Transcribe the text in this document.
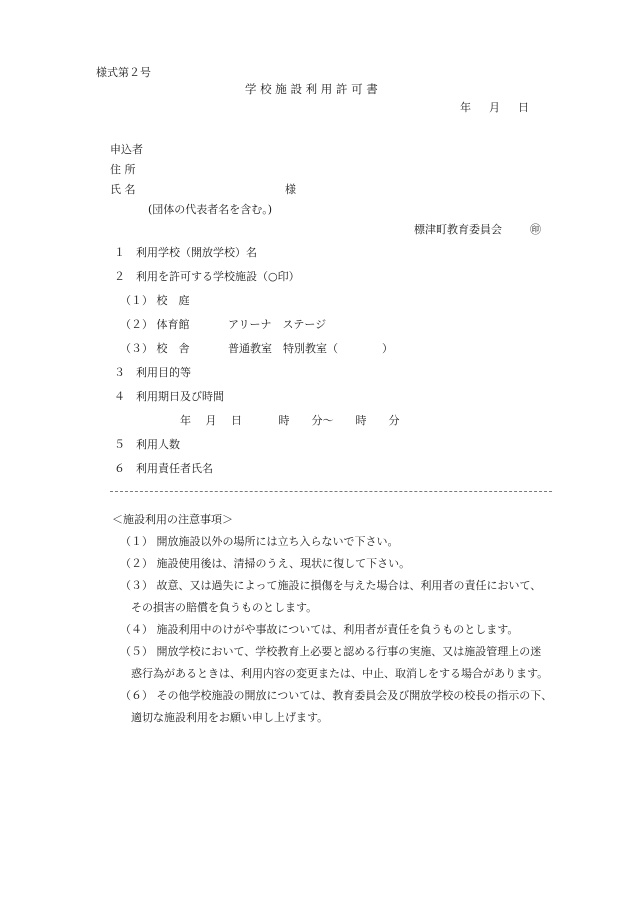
様式第２号
学 校 施 設 利 用 許 可 書
年 　 月 　 日
申込者
住 所
氏 名	様
(団体の代表者名を含む。)
標津町教育委員会	㊞
１　利用学校（開放学校）名
２　利用を許可する学校施設（○印）
（１） 校　庭
（２） 体育館	アリーナ　ステージ
（３） 校　舎	普通教室　特別教室（　　　　）
３　利用目的等
４　利用期日及び時間
年　 月　 日　　　 時　　分～　　時　　分
５　利用人数
６　利用責任者氏名
＜施設利用の注意事項＞
（１） 開放施設以外の場所には立ち入らないで下さい。
（２） 施設使用後は、清掃のうえ、現状に復して下さい。
（３） 故意、又は過失によって施設に損傷を与えた場合は、利用者の責任において、
その損害の賠償を負うものとします。
（４） 施設利用中のけがや事故については、利用者が責任を負うものとします。
（５） 開放学校において、学校教育上必要と認める行事の実施、又は施設管理上の迷
惑行為があるときは、利用内容の変更または、中止、取消しをする場合があります。
（６） その他学校施設の開放については、教育委員会及び開放学校の校長の指示の下、
適切な施設利用をお願い申し上げます。
